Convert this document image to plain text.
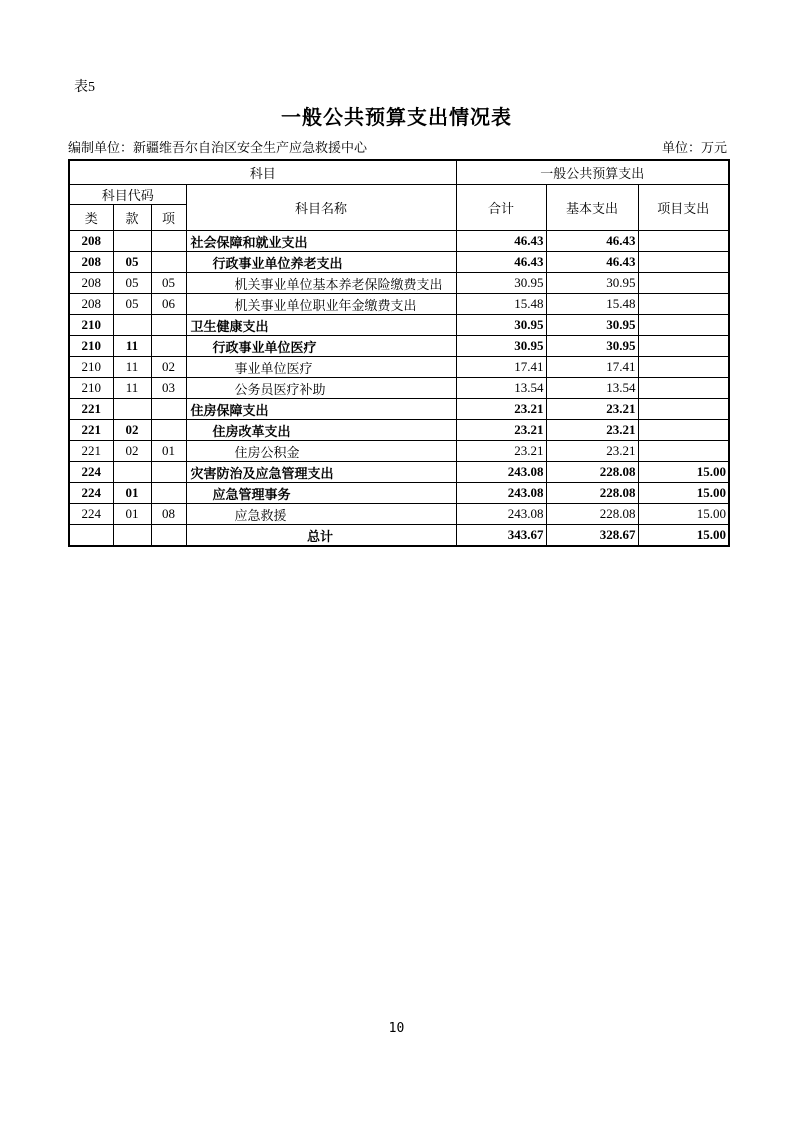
表5
一般公共预算支出情况表
编制单位：新疆维吾尔自治区安全生产应急救援中心	单位：万元
科目				一般公共预算支出		
科目代码			科目名称	合计	基本支出	项目支出
类	款	项				
208			社会保障和就业支出	46.43	46.43	
208	05		行政事业单位养老支出	46.43	46.43	
208	05	05	机关事业单位基本养老保险缴费支出	30.95	30.95	
208	05	06	机关事业单位职业年金缴费支出	15.48	15.48	
210			卫生健康支出	30.95	30.95	
210	11		行政事业单位医疗	30.95	30.95	
210	11	02	事业单位医疗	17.41	17.41	
210	11	03	公务员医疗补助	13.54	13.54	
221			住房保障支出	23.21	23.21	
221	02		住房改革支出	23.21	23.21	
221	02	01	住房公积金	23.21	23.21	
224			灾害防治及应急管理支出	243.08	228.08	15.00
224	01		应急管理事务	243.08	228.08	15.00
224	01	08	应急救援	243.08	228.08	15.00
			总计	343.67	328.67	15.00
10
